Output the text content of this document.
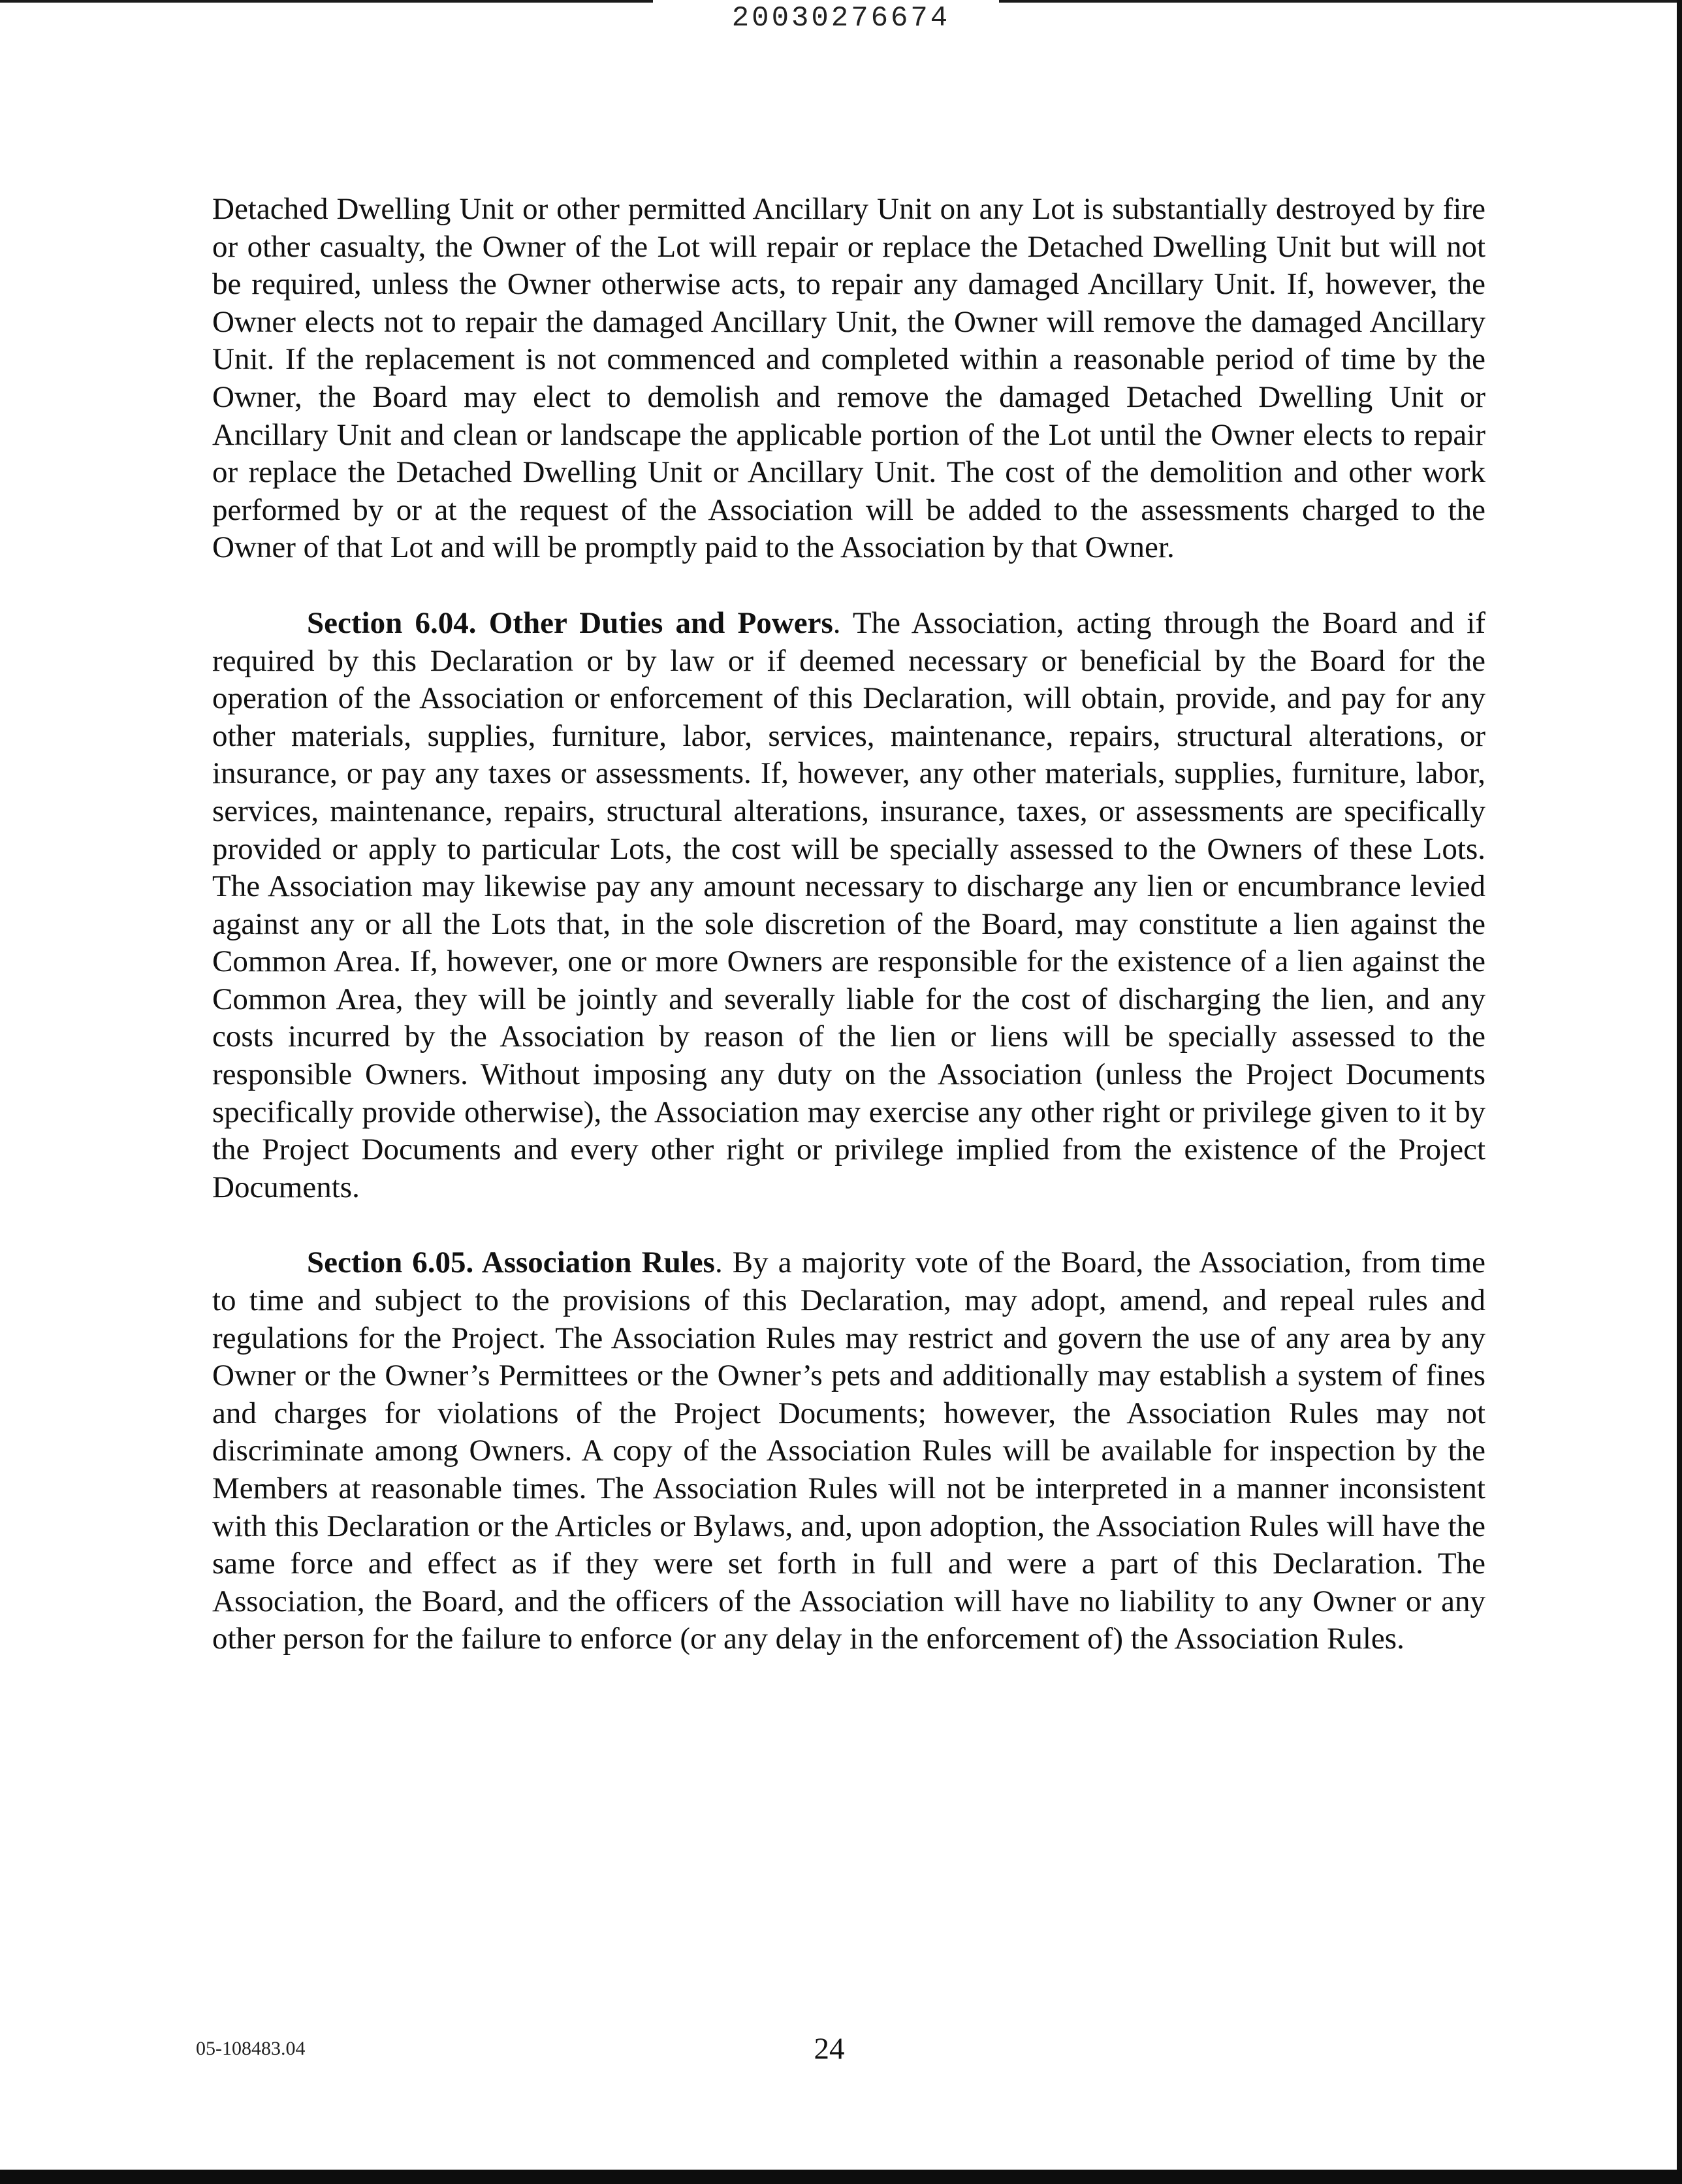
20030276674

Detached Dwelling Unit or other permitted Ancillary Unit on any Lot is substantially destroyed by fire or other casualty, the Owner of the Lot will repair or replace the Detached Dwelling Unit but will not be required, unless the Owner otherwise acts, to repair any damaged Ancillary Unit. If, however, the Owner elects not to repair the damaged Ancillary Unit, the Owner will remove the damaged Ancillary Unit. If the replacement is not commenced and completed within a reasonable period of time by the Owner, the Board may elect to demolish and remove the damaged Detached Dwelling Unit or Ancillary Unit and clean or landscape the applicable portion of the Lot until the Owner elects to repair or replace the Detached Dwelling Unit or Ancillary Unit. The cost of the demolition and other work performed by or at the request of the Association will be added to the assessments charged to the Owner of that Lot and will be promptly paid to the Association by that Owner.

Section 6.04. Other Duties and Powers. The Association, acting through the Board and if required by this Declaration or by law or if deemed necessary or beneficial by the Board for the operation of the Association or enforcement of this Declaration, will obtain, provide, and pay for any other materials, supplies, furniture, labor, services, maintenance, repairs, structural alterations, or insurance, or pay any taxes or assessments. If, however, any other materials, supplies, furniture, labor, services, maintenance, repairs, structural alterations, insurance, taxes, or assessments are specifically provided or apply to particular Lots, the cost will be specially assessed to the Owners of these Lots. The Association may likewise pay any amount necessary to discharge any lien or encumbrance levied against any or all the Lots that, in the sole discretion of the Board, may constitute a lien against the Common Area. If, however, one or more Owners are responsible for the existence of a lien against the Common Area, they will be jointly and severally liable for the cost of discharging the lien, and any costs incurred by the Association by reason of the lien or liens will be specially assessed to the responsible Owners. Without imposing any duty on the Association (unless the Project Documents specifically provide otherwise), the Association may exercise any other right or privilege given to it by the Project Documents and every other right or privilege implied from the existence of the Project Documents.

Section 6.05. Association Rules. By a majority vote of the Board, the Association, from time to time and subject to the provisions of this Declaration, may adopt, amend, and repeal rules and regulations for the Project. The Association Rules may restrict and govern the use of any area by any Owner or the Owner’s Permittees or the Owner’s pets and additionally may establish a system of fines and charges for violations of the Project Documents; however, the Association Rules may not discriminate among Owners. A copy of the Association Rules will be available for inspection by the Members at reasonable times. The Association Rules will not be interpreted in a manner inconsistent with this Declaration or the Articles or Bylaws, and, upon adoption, the Association Rules will have the same force and effect as if they were set forth in full and were a part of this Declaration. The Association, the Board, and the officers of the Association will have no liability to any Owner or any other person for the failure to enforce (or any delay in the enforcement of) the Association Rules.

05-108483.04	24
